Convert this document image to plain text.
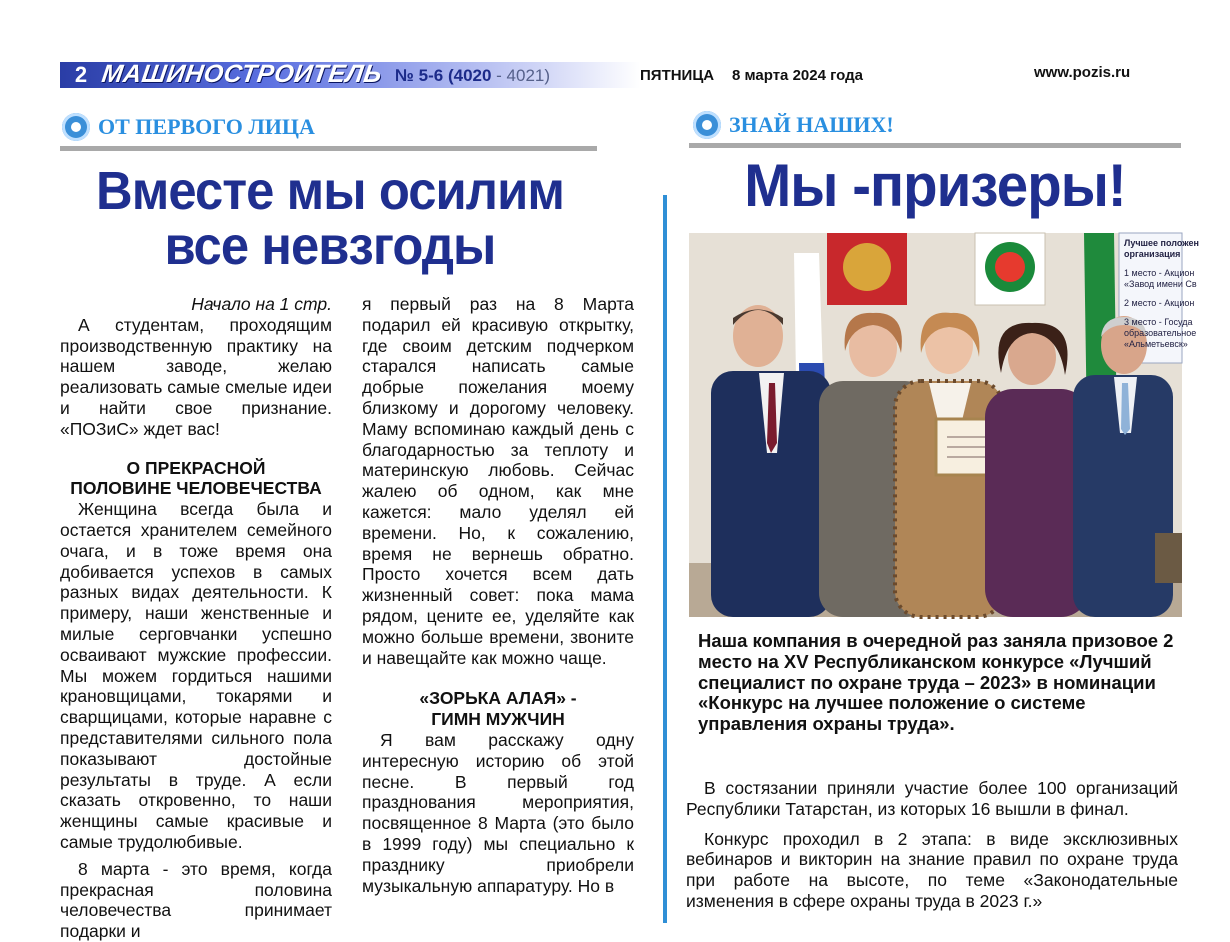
2 МАШИНОСТРОИТЕЛЬ № 5-6 (4020 - 4021)	ПЯТНИЦА 8 марта 2024 года	www.pozis.ru
ОТ ПЕРВОГО ЛИЦА
Вместе мы осилим
все невзгоды

Начало на 1 стр.

А студентам, проходящим производственную практику на нашем заводе, желаю реализовать самые смелые идеи и найти свое признание. «ПОЗиС» ждет вас!

О ПРЕКРАСНОЙ
ПОЛОВИНЕ ЧЕЛОВЕЧЕСТВА

Женщина всегда была и остается хранителем семейного очага, и в тоже время она добивается успехов в самых разных видах деятельности. К примеру, наши женственные и милые серговчанки успешно осваивают мужские профессии. Мы можем гордиться нашими крановщицами, токарями и сварщицами, которые наравне с представителями сильного пола показывают достойные результаты в труде. А если сказать откровенно, то наши женщины самые красивые и самые трудолюбивые.

8 марта - это время, когда прекрасная половина человечества принимает подарки и

я первый раз на 8 Марта подарил ей красивую открытку, где своим детским подчерком старался написать самые добрые пожелания моему близкому и дорогому человеку. Маму вспоминаю каждый день с благодарностью за теплоту и материнскую любовь. Сейчас жалею об одном, как мне кажется: мало уделял ей времени. Но, к сожалению, время не вернешь обратно. Просто хочется всем дать жизненный совет: пока мама рядом, цените ее, уделяйте как можно больше времени, звоните и навещайте как можно чаще.

«ЗОРЬКА АЛАЯ» -
ГИМН МУЖЧИН

Я вам расскажу одну интересную историю об этой песне. В первый год празднования мероприятия, посвященное 8 Марта (это было в 1999 году) мы специально к празднику приобрели музыкальную аппаратуру. Но в

ЗНАЙ НАШИХ!
Мы -призеры!
Лучшее положен
организация
1 место - Акцион
«Завод имени Св
2 место - Акцион
3 место - Госуда
образовательное
«Альметьевск»
Наша компания в очередной раз заняла призовое 2 место на XV Республиканском конкурсе «Лучший специалист по охране труда – 2023» в номинации «Конкурс на лучшее положение о системе управления охраны труда».

В состязании приняли участие более 100 организаций Республики Татарстан, из которых 16 вышли в финал.

Конкурс проходил в 2 этапа: в виде эксклюзивных вебинаров и викторин на знание правил по охране труда при работе на высоте, по теме «Законодательные изменения в сфере охраны труда в 2023 г.»
